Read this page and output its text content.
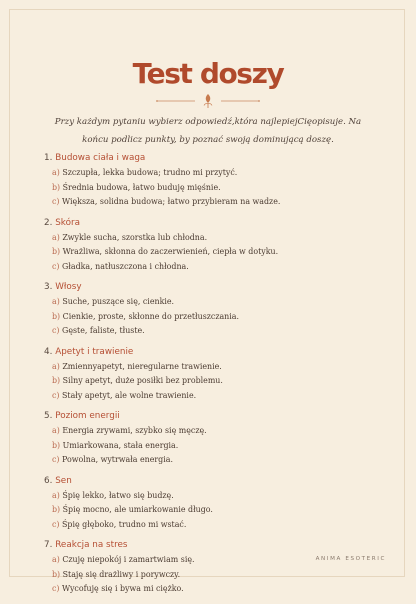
Test doszy

Przy każdym pytaniu wybierz odpowiedź,która najlepiejCięopisuje. Na końcu podlicz punkty, by poznać swoją dominującą doszę.

1. Budowa ciała i waga
a) Szczupła, lekka budowa; trudno mi przytyć.
b) Średnia budowa, łatwo buduję mięśnie.
c) Większa, solidna budowa; łatwo przybieram na wadze.
2. Skóra
a) Zwykle sucha, szorstka lub chłodna.
b) Wrażliwa, skłonna do zaczerwienień, ciepła w dotyku.
c) Gładka, natłuszczona i chłodna.
3. Włosy
a) Suche, puszące się, cienkie.
b) Cienkie, proste, skłonne do przetłuszczania.
c) Gęste, faliste, tłuste.
4. Apetyt i trawienie
a) Zmiennyapetyt, nieregularne trawienie.
b) Silny apetyt, duże posiłki bez problemu.
c) Stały apetyt, ale wolne trawienie.
5. Poziom energii
a) Energia zrywami, szybko się męczę.
b) Umiarkowana, stała energia.
c) Powolna, wytrwała energia.
6. Sen
a) Śpię lekko, łatwo się budzę.
b) Śpię mocno, ale umiarkowanie długo.
c) Śpię głęboko, trudno mi wstać.
7. Reakcja na stres
a) Czuję niepokój i zamartwiam się.
b) Staję się drażliwy i porywczy.
c) Wycofuję się i bywa mi ciężko.
ANIMA ESOTERIC
